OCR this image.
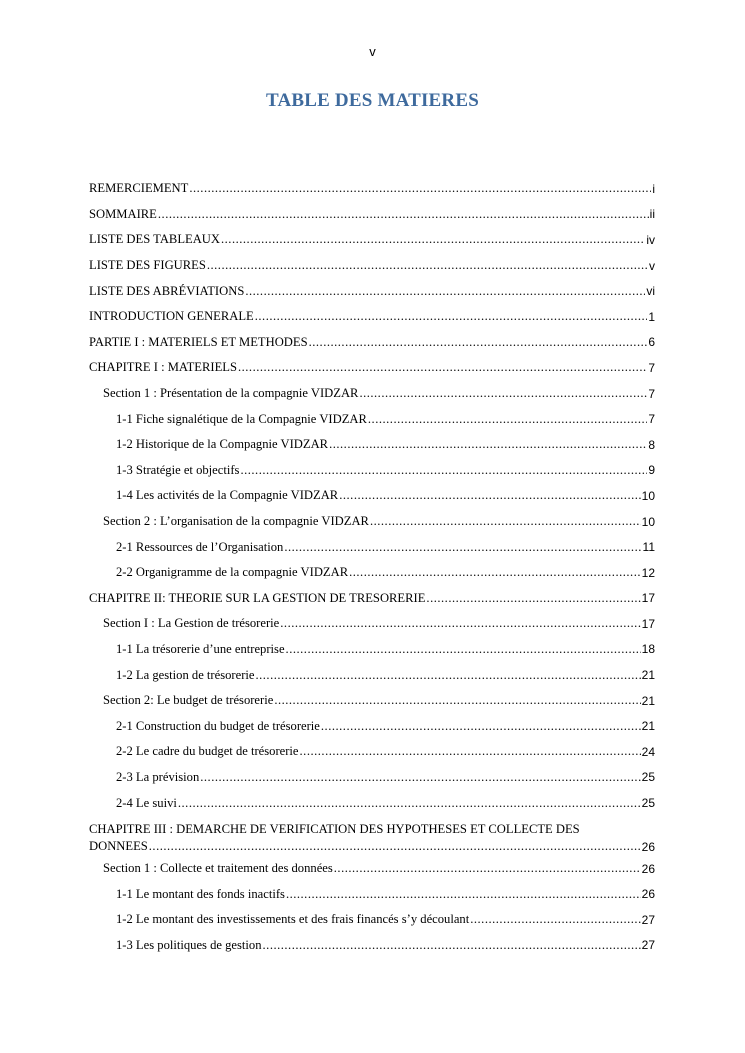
v
TABLE DES MATIERES
REMERCIEMENT .....	i
SOMMAIRE .....	ii
LISTE DES TABLEAUX .....	iv
LISTE DES FIGURES .....	v
LISTE DES ABRÉVIATIONS .....	vi
INTRODUCTION GENERALE .....	1
PARTIE I : MATERIELS ET METHODES .....	6
CHAPITRE I : MATERIELS .....	7
Section 1 : Présentation de la compagnie VIDZAR .....	7
1-1 Fiche signalétique de la Compagnie VIDZAR .....	7
1-2 Historique de la Compagnie VIDZAR .....	8
1-3 Stratégie et objectifs .....	9
1-4 Les activités de la Compagnie VIDZAR .....	10
Section 2 : L’organisation de la compagnie VIDZAR .....	10
2-1 Ressources de l’Organisation .....	11
2-2 Organigramme de la compagnie VIDZAR .....	12
CHAPITRE II: THEORIE SUR LA GESTION DE TRESORERIE .....	17
Section I : La Gestion de trésorerie .....	17
1-1 La trésorerie d’une entreprise .....	18
1-2 La gestion de trésorerie .....	21
Section 2: Le budget de trésorerie .....	21
2-1 Construction du budget de trésorerie .....	21
2-2 Le cadre du budget de trésorerie .....	24
2-3 La prévision .....	25
2-4 Le suivi .....	25
CHAPITRE III : DEMARCHE DE VERIFICATION DES HYPOTHESES ET COLLECTE DES
DONNEES .....	26
Section 1 : Collecte et traitement des données .....	26
1-1 Le montant des fonds inactifs .....	26
1-2 Le montant des investissements et des frais financés s’y découlant .....	27
1-3 Les politiques de gestion .....	27
